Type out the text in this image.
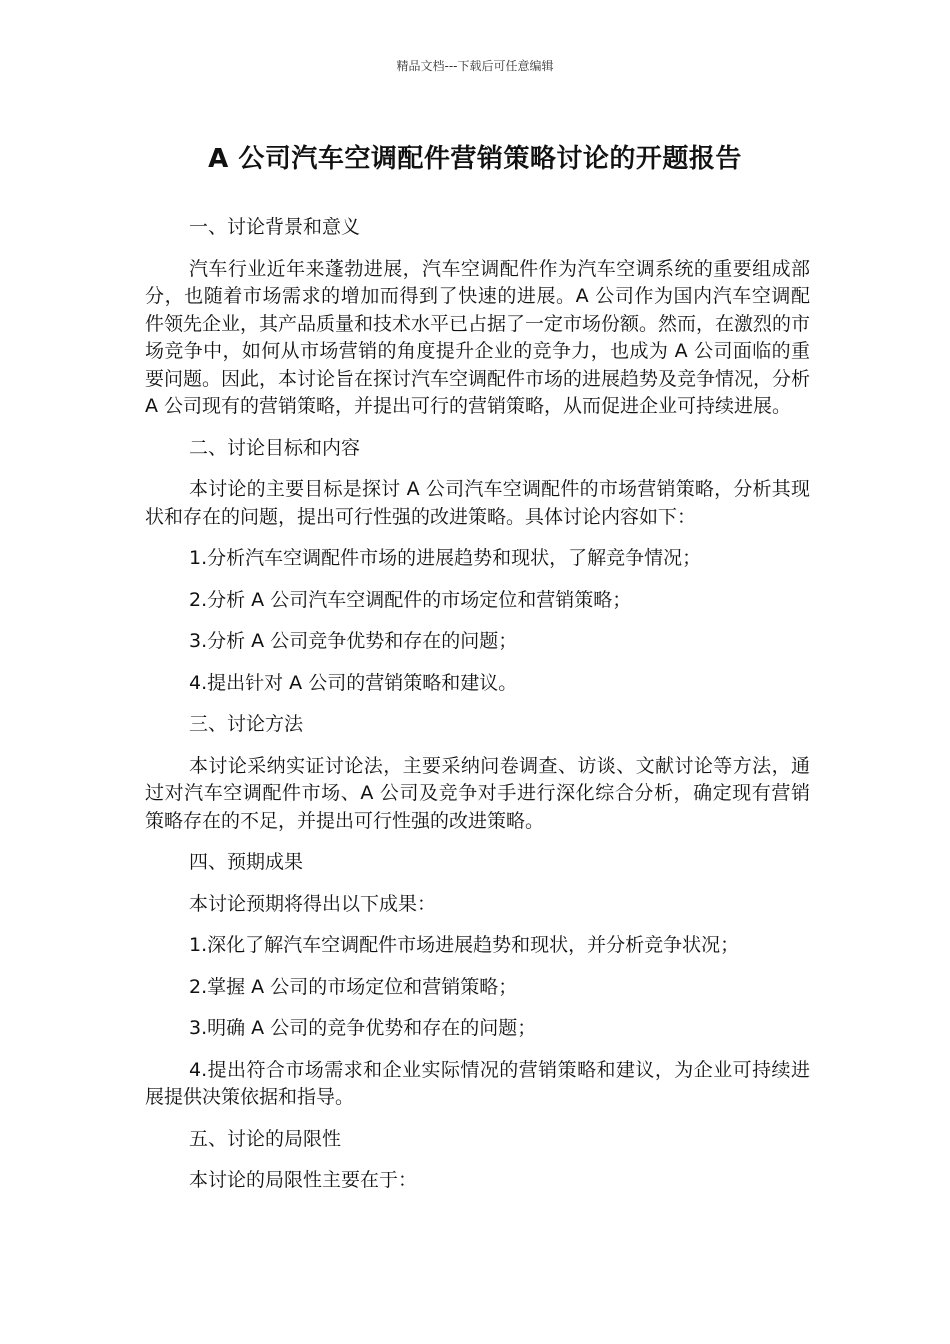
精品文档---下载后可任意编辑
A 公司汽车空调配件营销策略讨论的开题报告

一、讨论背景和意义

汽车行业近年来蓬勃进展，汽车空调配件作为汽车空调系统的重要组成部分，也随着市场需求的增加而得到了快速的进展。A 公司作为国内汽车空调配件领先企业，其产品质量和技术水平已占据了一定市场份额。然而，在激烈的市场竞争中，如何从市场营销的角度提升企业的竞争力，也成为 A 公司面临的重要问题。因此，本讨论旨在探讨汽车空调配件市场的进展趋势及竞争情况，分析 A 公司现有的营销策略，并提出可行的营销策略，从而促进企业可持续进展。

二、讨论目标和内容

本讨论的主要目标是探讨 A 公司汽车空调配件的市场营销策略，分析其现状和存在的问题，提出可行性强的改进策略。具体讨论内容如下：

1.分析汽车空调配件市场的进展趋势和现状，了解竞争情况；

2.分析 A 公司汽车空调配件的市场定位和营销策略；

3.分析 A 公司竞争优势和存在的问题；

4.提出针对 A 公司的营销策略和建议。

三、讨论方法

本讨论采纳实证讨论法，主要采纳问卷调查、访谈、文献讨论等方法，通过对汽车空调配件市场、A 公司及竞争对手进行深化综合分析，确定现有营销策略存在的不足，并提出可行性强的改进策略。

四、预期成果

本讨论预期将得出以下成果：

1.深化了解汽车空调配件市场进展趋势和现状，并分析竞争状况；

2.掌握 A 公司的市场定位和营销策略；

3.明确 A 公司的竞争优势和存在的问题；

4.提出符合市场需求和企业实际情况的营销策略和建议，为企业可持续进展提供决策依据和指导。

五、讨论的局限性

本讨论的局限性主要在于：
